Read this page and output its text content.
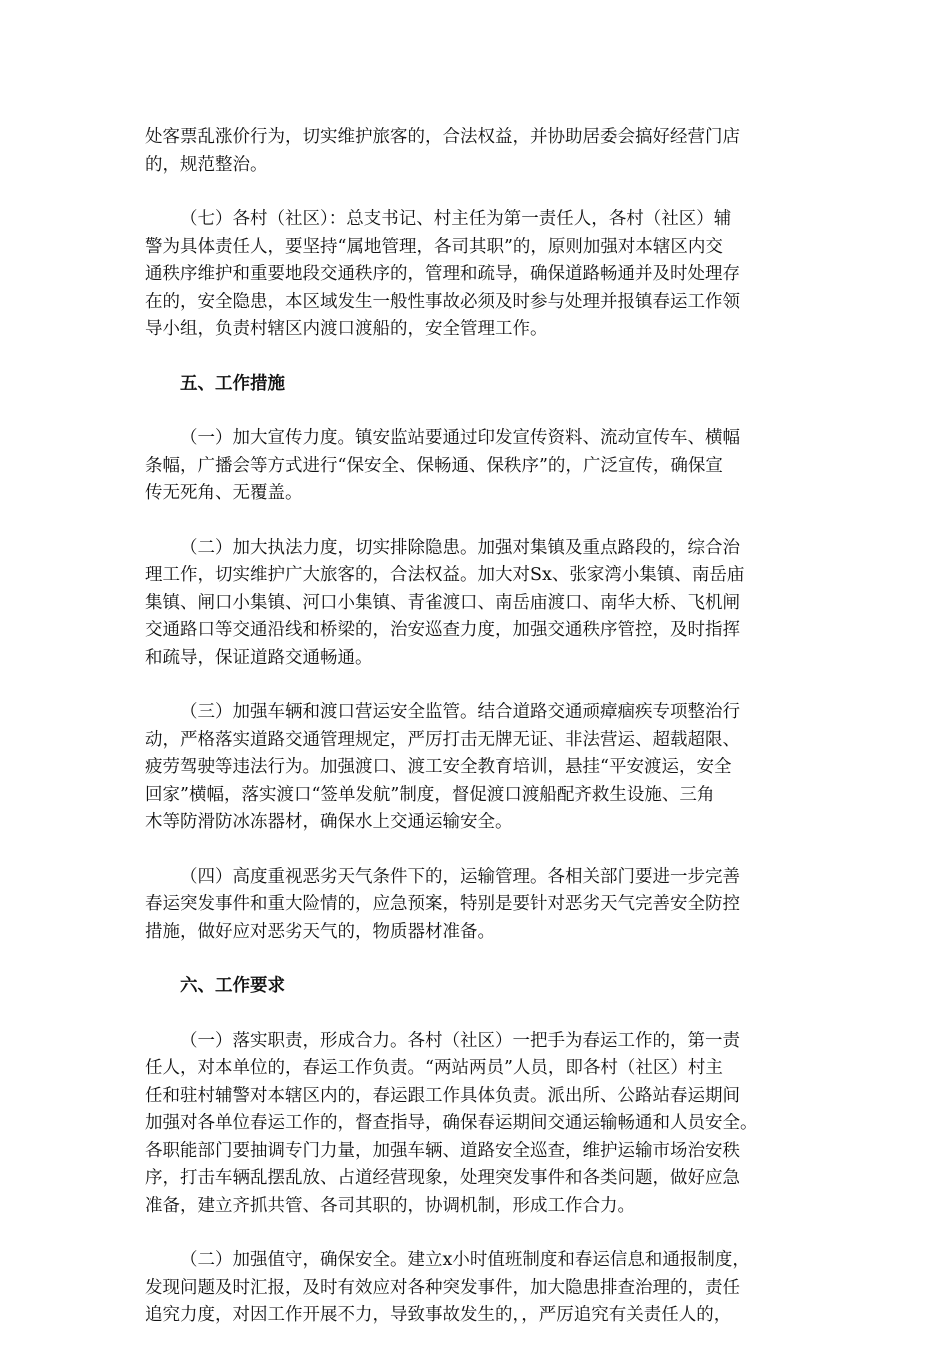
处客票乱涨价行为，切实维护旅客的，合法权益，并协助居委会搞好经营门店
的，规范整治。
（七）各村（社区）：总支书记、村主任为第一责任人，各村（社区）辅
警为具体责任人，要坚持“属地管理，各司其职”的，原则加强对本辖区内交
通秩序维护和重要地段交通秩序的，管理和疏导，确保道路畅通并及时处理存
在的，安全隐患，本区域发生一般性事故必须及时参与处理并报镇春运工作领
导小组，负责村辖区内渡口渡船的，安全管理工作。
五、工作措施
（一）加大宣传力度。镇安监站要通过印发宣传资料、流动宣传车、横幅
条幅，广播会等方式进行“保安全、保畅通、保秩序”的，广泛宣传，确保宣
传无死角、无覆盖。
（二）加大执法力度，切实排除隐患。加强对集镇及重点路段的，综合治
理工作，切实维护广大旅客的，合法权益。加大对Sx、张家湾小集镇、南岳庙
集镇、闸口小集镇、河口小集镇、青雀渡口、南岳庙渡口、南华大桥、飞机闸
交通路口等交通沿线和桥梁的，治安巡查力度，加强交通秩序管控，及时指挥
和疏导，保证道路交通畅通。
（三）加强车辆和渡口营运安全监管。结合道路交通顽瘴痼疾专项整治行
动，严格落实道路交通管理规定，严厉打击无牌无证、非法营运、超载超限、
疲劳驾驶等违法行为。加强渡口、渡工安全教育培训，悬挂“平安渡运，安全
回家”横幅，落实渡口“签单发航”制度，督促渡口渡船配齐救生设施、三角
木等防滑防冰冻器材，确保水上交通运输安全。
（四）高度重视恶劣天气条件下的，运输管理。各相关部门要进一步完善
春运突发事件和重大险情的，应急预案，特别是要针对恶劣天气完善安全防控
措施，做好应对恶劣天气的，物质器材准备。
六、工作要求
（一）落实职责，形成合力。各村（社区）一把手为春运工作的，第一责
任人，对本单位的，春运工作负责。“两站两员”人员，即各村（社区）村主
任和驻村辅警对本辖区内的，春运跟工作具体负责。派出所、公路站春运期间
加强对各单位春运工作的，督查指导，确保春运期间交通运输畅通和人员安全。
各职能部门要抽调专门力量，加强车辆、道路安全巡查，维护运输市场治安秩
序，打击车辆乱摆乱放、占道经营现象，处理突发事件和各类问题，做好应急
准备，建立齐抓共管、各司其职的，协调机制，形成工作合力。
（二）加强值守，确保安全。建立x小时值班制度和春运信息和通报制度，
发现问题及时汇报，及时有效应对各种突发事件，加大隐患排查治理的，责任
追究力度，对因工作开展不力，导致事故发生的，，严厉追究有关责任人的，
